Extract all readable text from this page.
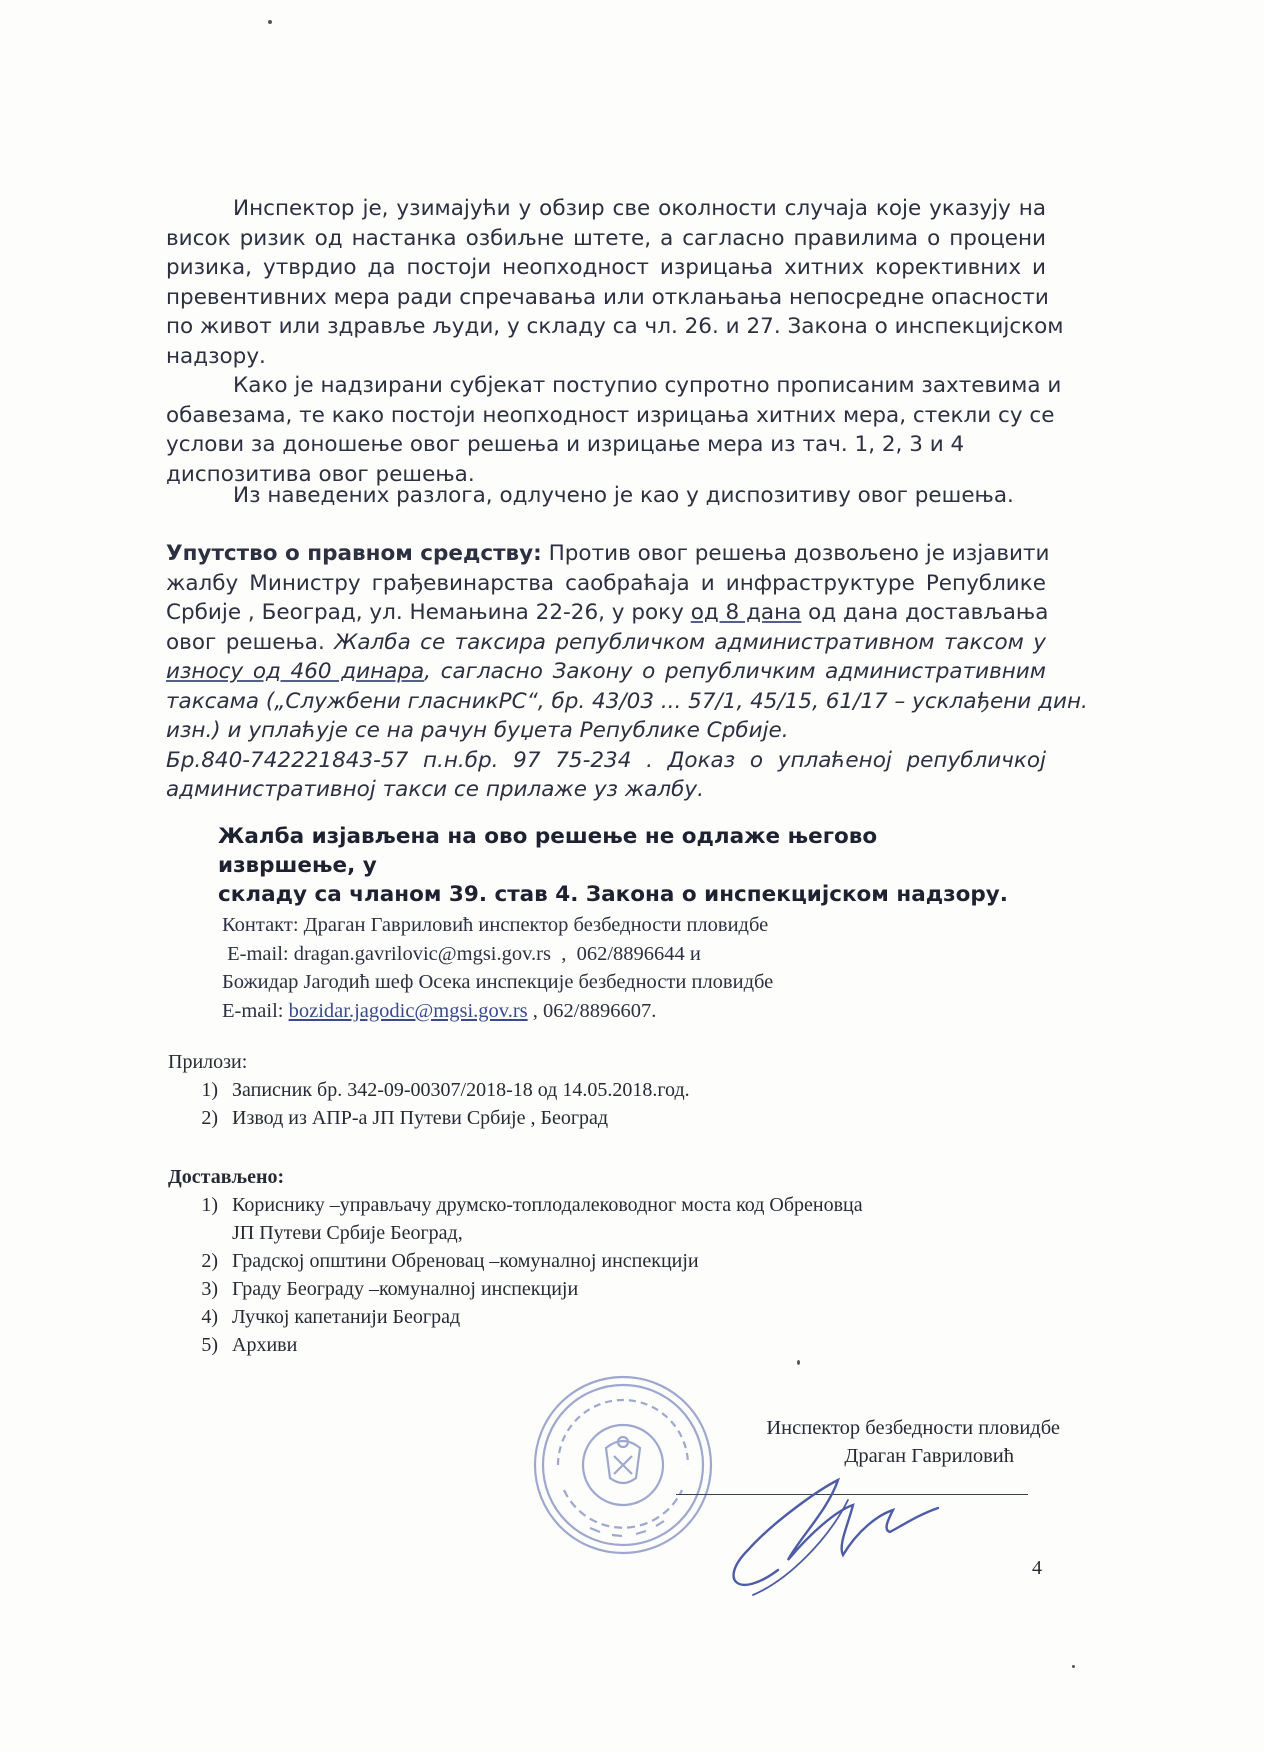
Инспектор је, узимајући у обзир све околности случаја које указују на
висок ризик од настанка озбиљне штете, а сагласно правилима о процени
ризика, утврдио да постоји неопходност изрицања хитних корективних и
превентивних мера ради спречавања или отклањања непосредне опасности
по живот или здравље људи, у складу са чл. 26. и 27. Закона о инспекцијском
надзору.
Како је надзирани субјекат поступио супротно прописаним захтевима и
обавезама, те како постоји неопходност изрицања хитних мера, стекли су се
услови за доношење овог решења и изрицање мера из тач. 1, 2, 3 и 4
диспозитива овог решења.
Из наведених разлога, одлучено је као у диспозитиву овог решења.
Упутство о правном средству: Против овог решења дозвољено је изјавити
жалбу Министру грађевинарства саобраћаја и инфраструктуре Републике
Србије , Београд, ул. Немањина 22-26, у року од 8 дана од дана достављања
овог решења. Жалба се таксира републичком административном таксом у
износу од 460 динара, сагласно Закону о републичким административним
таксама („Службени гласникРС“, бр. 43/03 ... 57/1, 45/15, 61/17 – усклађени дин.
изн.) и уплаћује се на рачун буџета Републике Србије.
Бр.840-742221843-57 п.н.бр. 97 75-234 . Доказ о уплаћеној републичкој
административној такси се прилаже уз жалбу.
Жалба изјављена на ово решење не одлаже његово извршење, у
складу са чланом 39. став 4. Закона о инспекцијском надзору.
Контакт: Драган Гавриловић инспектор безбедности пловидбе
E-mail: dragan.gavrilovic@mgsi.gov.rs  ,  062/8896644 и
Божидар Јагодић шеф Осека инспекције безбедности пловидбе
E-mail: bozidar.jagodic@mgsi.gov.rs , 062/8896607.
Прилози:
1) Записник бр. 342-09-00307/2018-18 од 14.05.2018.год.
2) Извод из АПР-а ЈП Путеви Србије , Београд
Достављено:
1) Кориснику –управљачу друмско-топлодалеководног моста код Обреновца
ЈП Путеви Србије Београд,
2) Градској општини Обреновац –комуналној инспекцији
3) Граду Београду –комуналној инспекцији
4) Лучкој капетанији Београд
5) Архиви
Инспектор безбедности пловидбе
Драган Гавриловић
4
